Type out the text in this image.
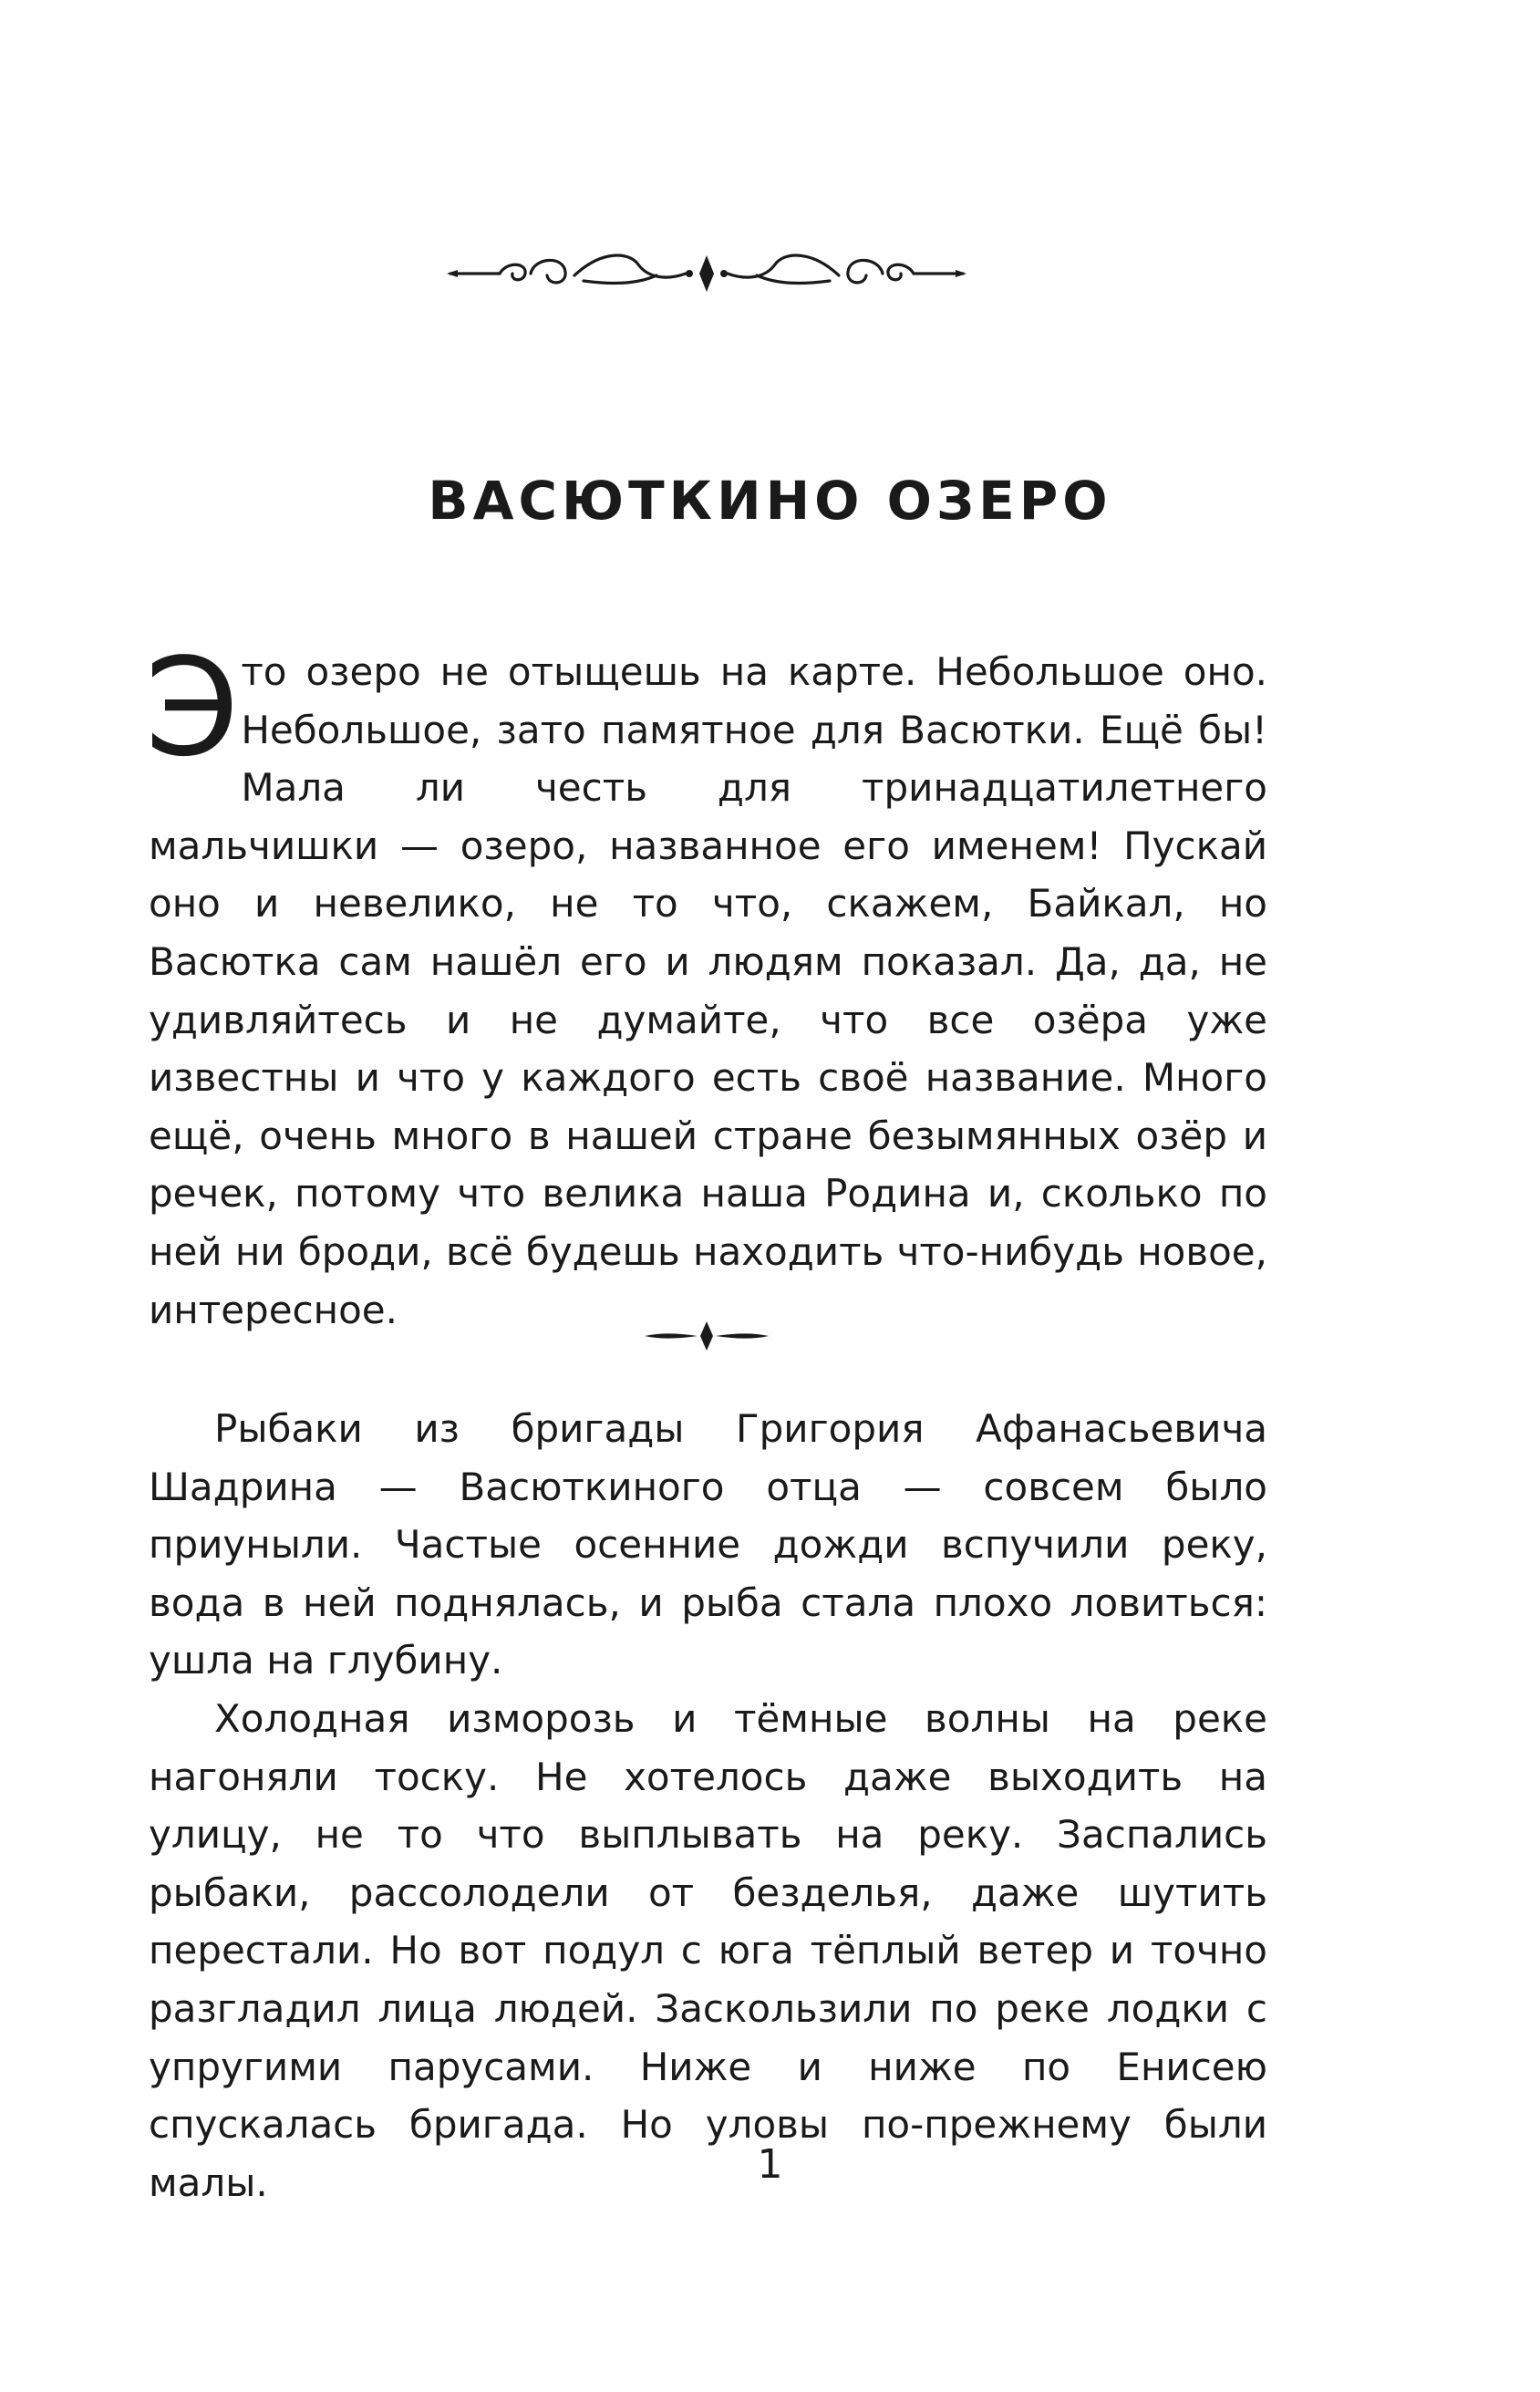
ВАСЮТКИНО ОЗЕРО

Это озеро не отыщешь на карте. Небольшое оно. Небольшое, зато памятное для Васютки. Ещё бы! Мала ли честь для тринадцатилетнего мальчишки — озеро, названное его именем! Пускай оно и невелико, не то что, скажем, Байкал, но Васютка сам нашёл его и людям показал. Да, да, не удивляйтесь и не думайте, что все озёра уже известны и что у каждого есть своё название. Много ещё, очень много в нашей стране безымянных озёр и речек, потому что велика наша Родина и, сколько по ней ни броди, всё будешь находить что-нибудь новое, интересное.

Рыбаки из бригады Григория Афанасьевича Шадрина — Васюткиного отца — совсем было приуныли. Частые осенние дожди вспучили реку, вода в ней поднялась, и рыба стала плохо ловиться: ушла на глубину.

Холодная изморозь и тёмные волны на реке нагоняли тоску. Не хотелось даже выходить на улицу, не то что выплывать на реку. Заспались рыбаки, рассолодели от безделья, даже шутить перестали. Но вот подул с юга тёплый ветер и точно разгладил лица людей. Заскользили по реке лодки с упругими парусами. Ниже и ниже по Енисею спускалась бригада. Но уловы по-прежнему были малы.	1
